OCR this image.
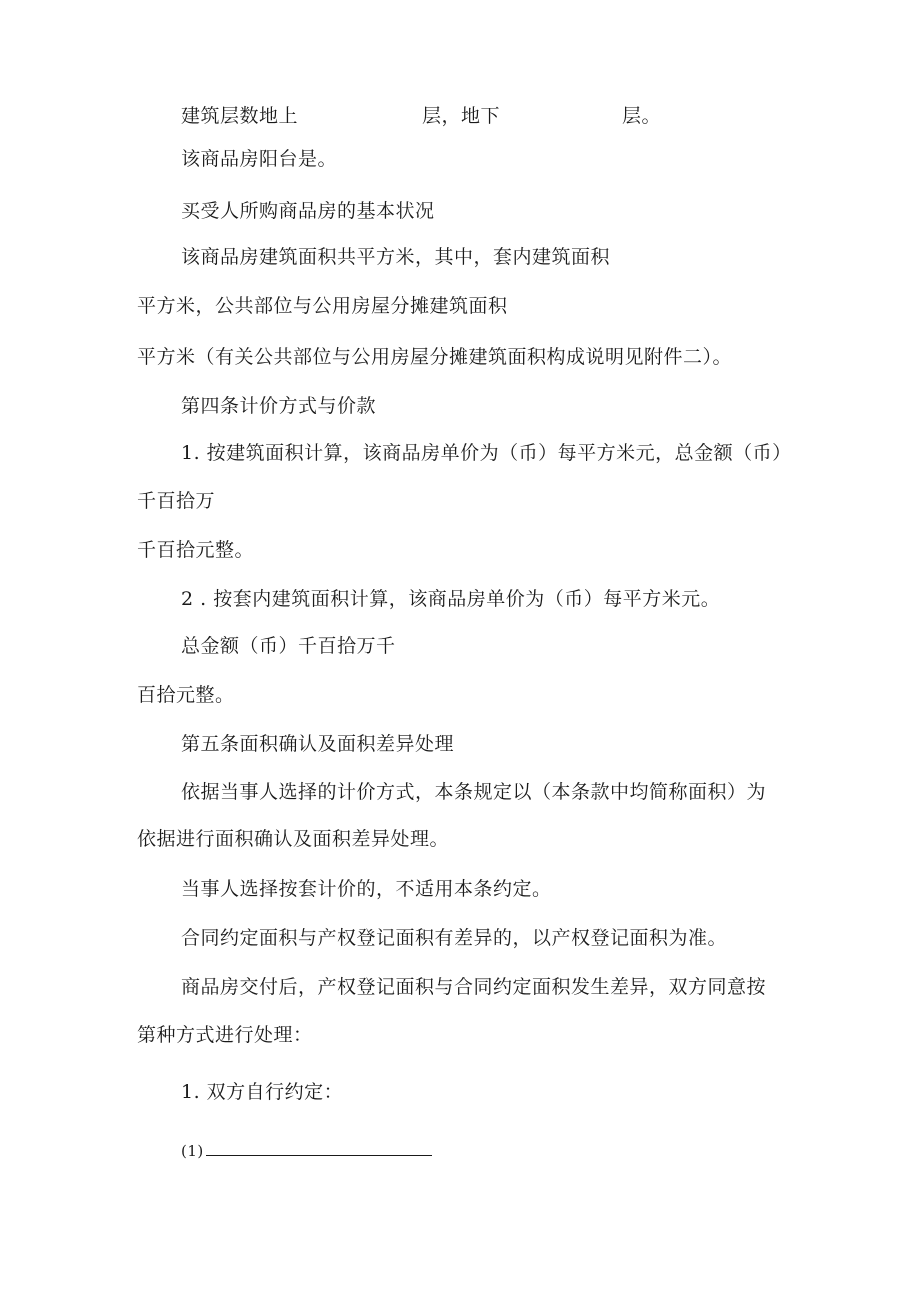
建筑层数地上	层，地下	层。
该商品房阳台是。
买受人所购商品房的基本状况
该商品房建筑面积共平方米，其中，套内建筑面积
平方米，公共部位与公用房屋分摊建筑面积
平方米（有关公共部位与公用房屋分摊建筑面积构成说明见附件二）。
第四条计价方式与价款
1. 按建筑面积计算，该商品房单价为（币）每平方米元，总金额（币）
千百拾万
千百拾元整。
2 . 按套内建筑面积计算，该商品房单价为（币）每平方米元。
总金额（币）千百拾万千
百拾元整。
第五条面积确认及面积差异处理
依据当事人选择的计价方式，本条规定以（本条款中均简称面积）为
依据进行面积确认及面积差异处理。
当事人选择按套计价的，不适用本条约定。
合同约定面积与产权登记面积有差异的，以产权登记面积为准。
商品房交付后，产权登记面积与合同约定面积发生差异，双方同意按
第种方式进行处理：
1. 双方自行约定：
(1)
